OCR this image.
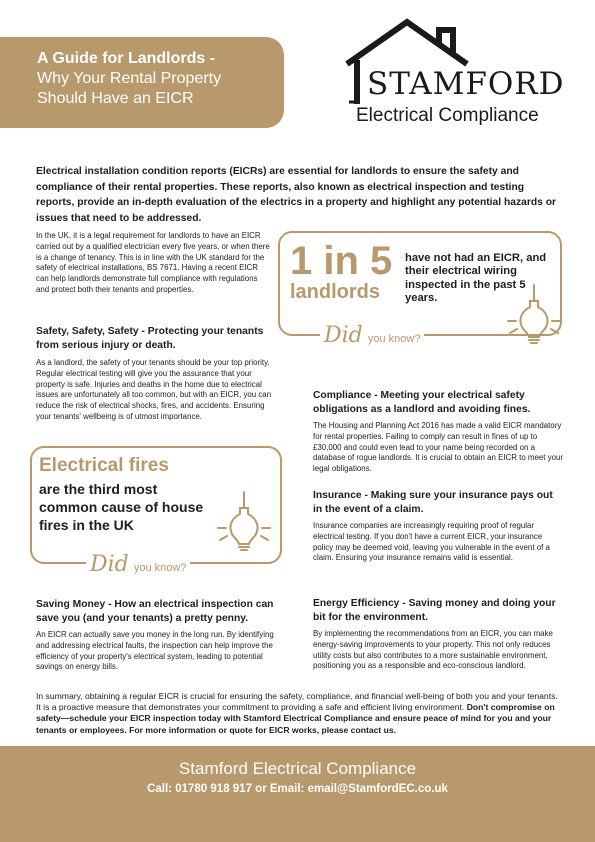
A Guide for Landlords -
Why Your Rental Property
Should Have an EICR	STAMFORD
Electrical Compliance

Electrical installation condition reports (EICRs) are essential for landlords to ensure the safety and compliance of their rental properties. These reports, also known as electrical inspection and testing reports, provide an in-depth evaluation of the electrics in a property and highlight any potential hazards or issues that need to be addressed.

In the UK, it is a legal requirement for landlords to have an EICR carried out by a qualified electrician every five years, or when there is a change of tenancy. This is in line with the UK standard for the safety of electrical installations, BS 7671. Having a recent EICR can help landlords demonstrate full compliance with regulations and protect both their tenants and properties.

1 in 5
landlords

have not had an EICR, and their electrical wiring inspected in the past 5 years.

Did you know?

Safety, Safety, Safety - Protecting your tenants from serious injury or death.

As a landlord, the safety of your tenants should be your top priority. Regular electrical testing will give you the assurance that your property is safe. Injuries and deaths in the home due to electrical issues are unfortunately all too common, but with an EICR, you can reduce the risk of electrical shocks, fires, and accidents. Ensuring your tenants' wellbeing is of utmost importance.

Electrical fires

are the third most common cause of house fires in the UK

Did you know?

Compliance - Meeting your electrical safety obligations as a landlord and avoiding fines.

The Housing and Planning Act 2016 has made a valid EICR mandatory for rental properties. Failing to comply can result in fines of up to £30,000 and could even lead to your name being recorded on a database of rogue landlords. It is crucial to obtain an EICR to meet your legal obligations.

Insurance - Making sure your insurance pays out in the event of a claim.

Insurance companies are increasingly requiring proof of regular electrical testing. If you don't have a current EICR, your insurance policy may be deemed void, leaving you vulnerable in the event of a claim. Ensuring your insurance remains valid is essential.

Energy Efficiency - Saving money and doing your bit for the environment.

By implementing the recommendations from an EICR, you can make energy-saving improvements to your property. This not only reduces utility costs but also contributes to a more sustainable environment, positioning you as a responsible and eco-conscious landlord.

Saving Money - How an electrical inspection can save you (and your tenants) a pretty penny.

An EICR can actually save you money in the long run. By identifying and addressing electrical faults, the inspection can help improve the efficiency of your property's electrical system, leading to potential savings on energy bills.

In summary, obtaining a regular EICR is crucial for ensuring the safety, compliance, and financial well-being of both you and your tenants. It is a proactive measure that demonstrates your commitment to providing a safe and efficient living environment. Don't compromise on safety—schedule your EICR inspection today with Stamford Electrical Compliance and ensure peace of mind for you and your tenants or employees. For more information or quote for EICR works, please contact us.

Stamford Electrical Compliance
Call: 01780 918 917 or Email: email@StamfordEC.co.uk
